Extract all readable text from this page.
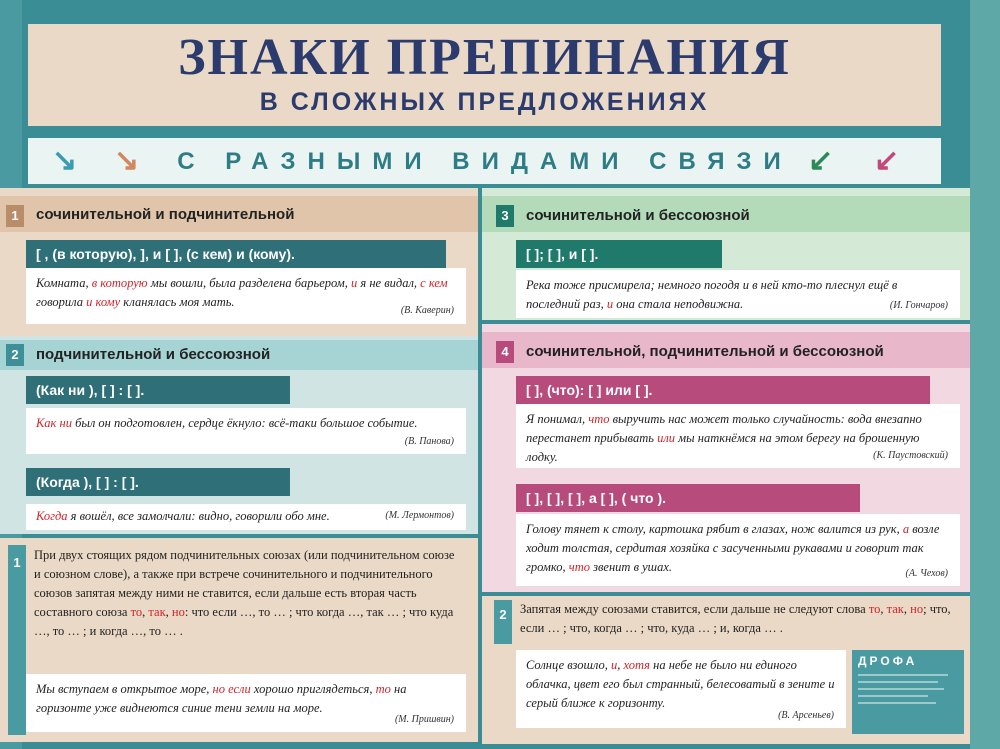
ЗНАКИ ПРЕПИНАНИЯ
В СЛОЖНЫХ ПРЕДЛОЖЕНИЯХ
↘ ↘	↙ ↙
С РАЗНЫМИ ВИДАМИ СВЯЗИ
1	сочинительной и подчинительной
[ , (в которую), ], и [ ], (с кем) и (кому).
Комната, в которую мы вошли, была разделена барьером, и я не видал, с кем говорила и кому кланялась моя мать.
(В. Каверин)
2	подчинительной и бессоюзной
(Как ни ), [ ] : [ ].
Как ни был он подготовлен, сердце ёкнуло: всё-таки большое событие.
(В. Панова)
(Когда ), [ ] : [ ].
Когда я вошёл, все замолчали: видно, говорили обо мне.	(М. Лермонтов)
1	При двух стоящих рядом подчинительных союзах (или подчинительном союзе и союзном слове), а также при встрече сочинительного и подчинительного союзов запятая между ними не ставится, если дальше есть вторая часть составного союза то, так, но: что если …, то … ; что когда …, так … ; что куда …, то … ; и когда …, то … .
Мы вступаем в открытое море, но если хорошо приглядеться, то на горизонте уже виднеются синие тени земли на море.
(М. Пришвин)
3	сочинительной и бессоюзной
[ ]; [ ], и [ ].
Река тоже присмирела; немного погодя и в ней кто-то плеснул ещё в последний раз, и она стала неподвижна.	(И. Гончаров)
4	сочинительной, подчинительной и бессоюзной
[ ], (что): [ ] или [ ].
Я понимал, что выручить нас может только случайность: вода внезапно перестанет прибывать или мы наткнёмся на этом берегу на брошенную лодку.	(К. Паустовский)
[ ], [ ], [ ], а [ ], ( что ).
Голову тянет к столу, картошка рябит в глазах, нож валится из рук, а возле ходит толстая, сердитая хозяйка с засученными рукавами и говорит так громко, что звенит в ушах.	(А. Чехов)
2	Запятая между союзами ставится, если дальше не следуют слова то, так, но; что, если … ; что, когда … ; что, куда … ; и, когда … .
Солнце взошло, и, хотя на небе не было ни единого облачка, цвет его был странный, белесоватый в зените и серый ближе к горизонту.
(В. Арсеньев)
ДРОФА
